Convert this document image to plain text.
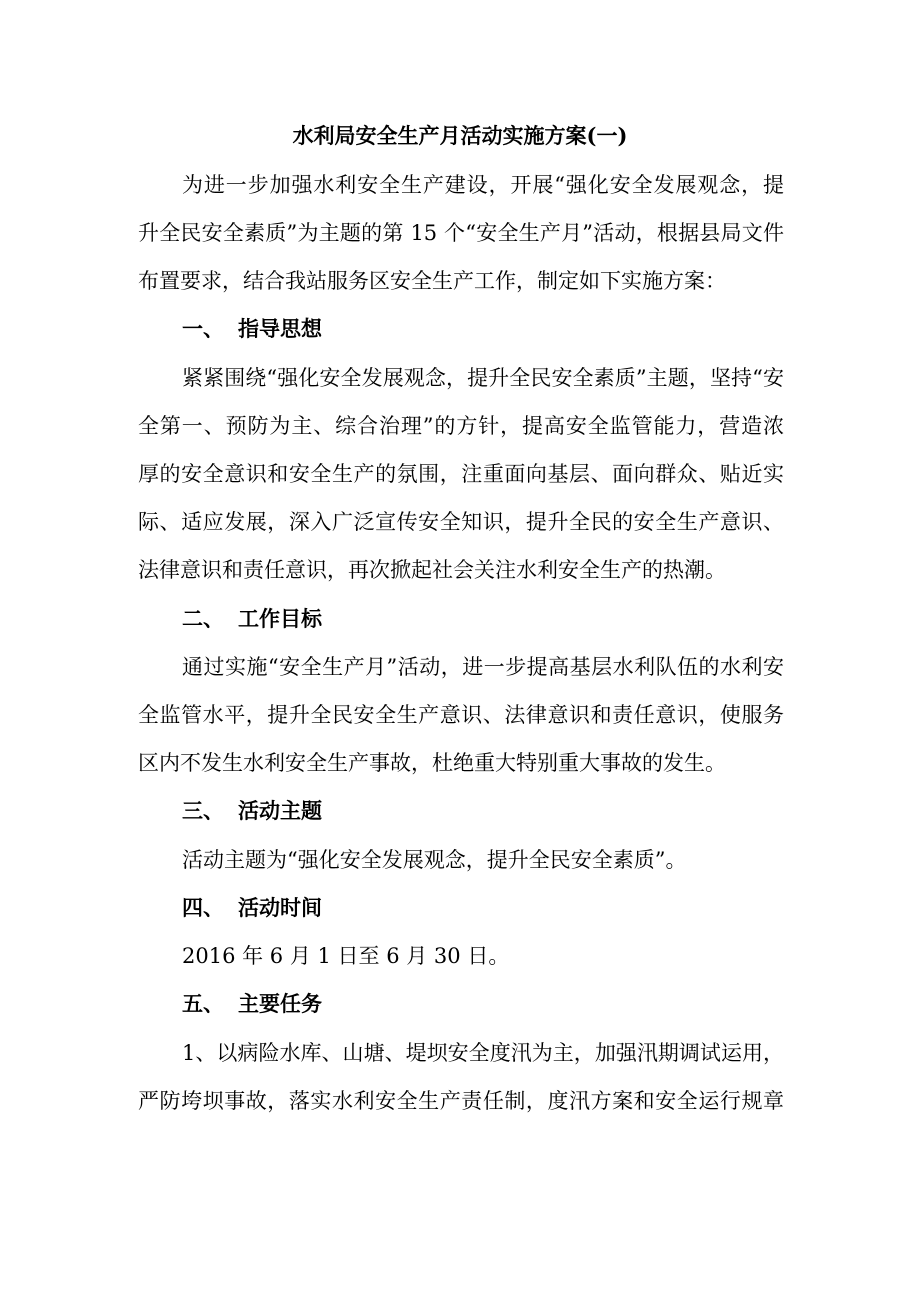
水利局安全生产月活动实施方案(一)
为进一步加强水利安全生产建设，开展“强化安全发展观念，提
升全民安全素质”为主题的第 15 个“安全生产月”活动，根据县局文件
布置要求，结合我站服务区安全生产工作，制定如下实施方案：
一、 指导思想
紧紧围绕“强化安全发展观念，提升全民安全素质”主题，坚持“安
全第一、预防为主、综合治理”的方针，提高安全监管能力，营造浓
厚的安全意识和安全生产的氛围，注重面向基层、面向群众、贴近实
际、适应发展，深入广泛宣传安全知识，提升全民的安全生产意识、
法律意识和责任意识，再次掀起社会关注水利安全生产的热潮。
二、 工作目标
通过实施“安全生产月”活动，进一步提高基层水利队伍的水利安
全监管水平，提升全民安全生产意识、法律意识和责任意识，使服务
区内不发生水利安全生产事故，杜绝重大特别重大事故的发生。
三、 活动主题
活动主题为“强化安全发展观念，提升全民安全素质”。
四、 活动时间
2016 年 6 月 1 日至 6 月 30 日。
五、 主要任务
1、以病险水库、山塘、堤坝安全度汛为主，加强汛期调试运用，
严防垮坝事故，落实水利安全生产责任制，度汛方案和安全运行规章
